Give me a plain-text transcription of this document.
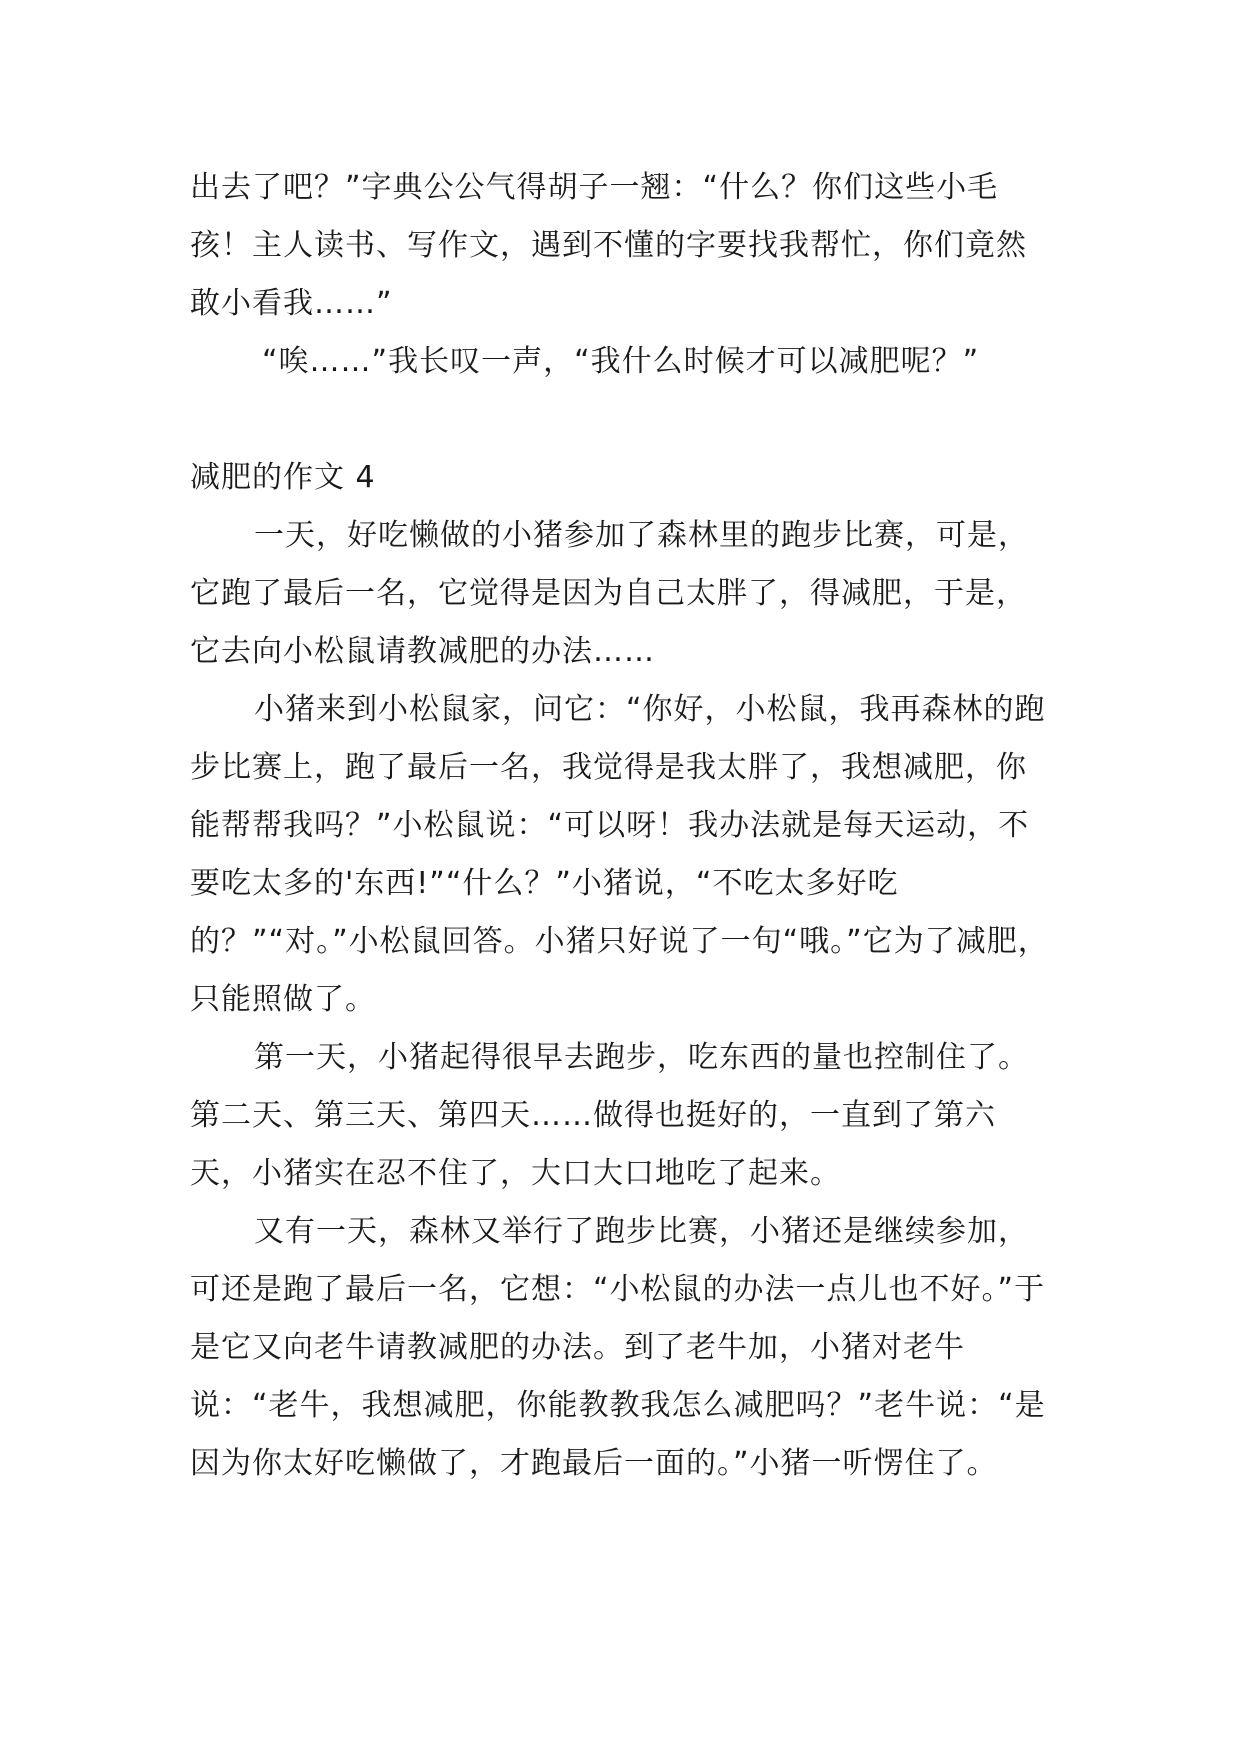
出去了吧？”字典公公气得胡子一翘：“什么？你们这些小毛孩！主人读书、写作文，遇到不懂的字要找我帮忙，你们竟然敢小看我……”

“唉……”我长叹一声，“我什么时候才可以减肥呢？”

减肥的作文 4

一天，好吃懒做的小猪参加了森林里的跑步比赛，可是，它跑了最后一名，它觉得是因为自己太胖了，得减肥，于是，它去向小松鼠请教减肥的办法……

小猪来到小松鼠家，问它：“你好，小松鼠，我再森林的跑步比赛上，跑了最后一名，我觉得是我太胖了，我想减肥，你能帮帮我吗？”小松鼠说：“可以呀！我办法就是每天运动，不要吃太多的'东西!”“什么？”小猪说，“不吃太多好吃的？”“对。”小松鼠回答。小猪只好说了一句“哦。”它为了减肥，只能照做了。

第一天，小猪起得很早去跑步，吃东西的量也控制住了。第二天、第三天、第四天……做得也挺好的，一直到了第六天，小猪实在忍不住了，大口大口地吃了起来。

又有一天，森林又举行了跑步比赛，小猪还是继续参加，可还是跑了最后一名，它想：“小松鼠的办法一点儿也不好。”于是它又向老牛请教减肥的办法。到了老牛加，小猪对老牛说：“老牛，我想减肥，你能教教我怎么减肥吗？”老牛说：“是因为你太好吃懒做了，才跑最后一面的。”小猪一听愣住了。
